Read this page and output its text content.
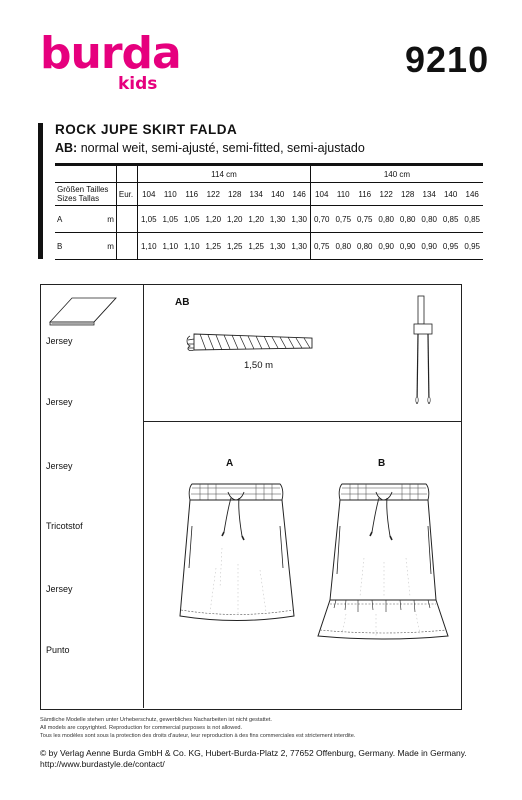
burda
kids
9210
ROCK JUPE SKIRT FALDA
AB: normal weit, semi-ajusté, semi-fitted, semi-ajustado
			114 cm								140 cm							
Größen Tailles
Sizes Tallas		Eur.	104	110	116	122	128	134	140	146	104	110	116	122	128	134	140	146
A	m		1,05	1,05	1,05	1,20	1,20	1,20	1,30	1,30	0,70	0,75	0,75	0,80	0,80	0,80	0,85	0,85
B	m		1,10	1,10	1,10	1,25	1,25	1,25	1,30	1,30	0,75	0,80	0,80	0,90	0,90	0,90	0,95	0,95
Jersey
Jersey
Jersey
Tricotstof
Jersey
Punto
AB
1,50 m
A	B
Sämtliche Modelle stehen unter Urheberschutz, gewerbliches Nacharbeiten ist nicht gestattet.
All models are copyrighted. Reproduction for commercial purposes is not allowed.
Tous les modèles sont sous la protection des droits d'auteur, leur reproduction à des fins commerciales est strictement interdite.
© by Verlag Aenne Burda GmbH & Co. KG, Hubert-Burda-Platz 2, 77652 Offenburg, Germany. Made in Germany.
http://www.burdastyle.de/contact/
